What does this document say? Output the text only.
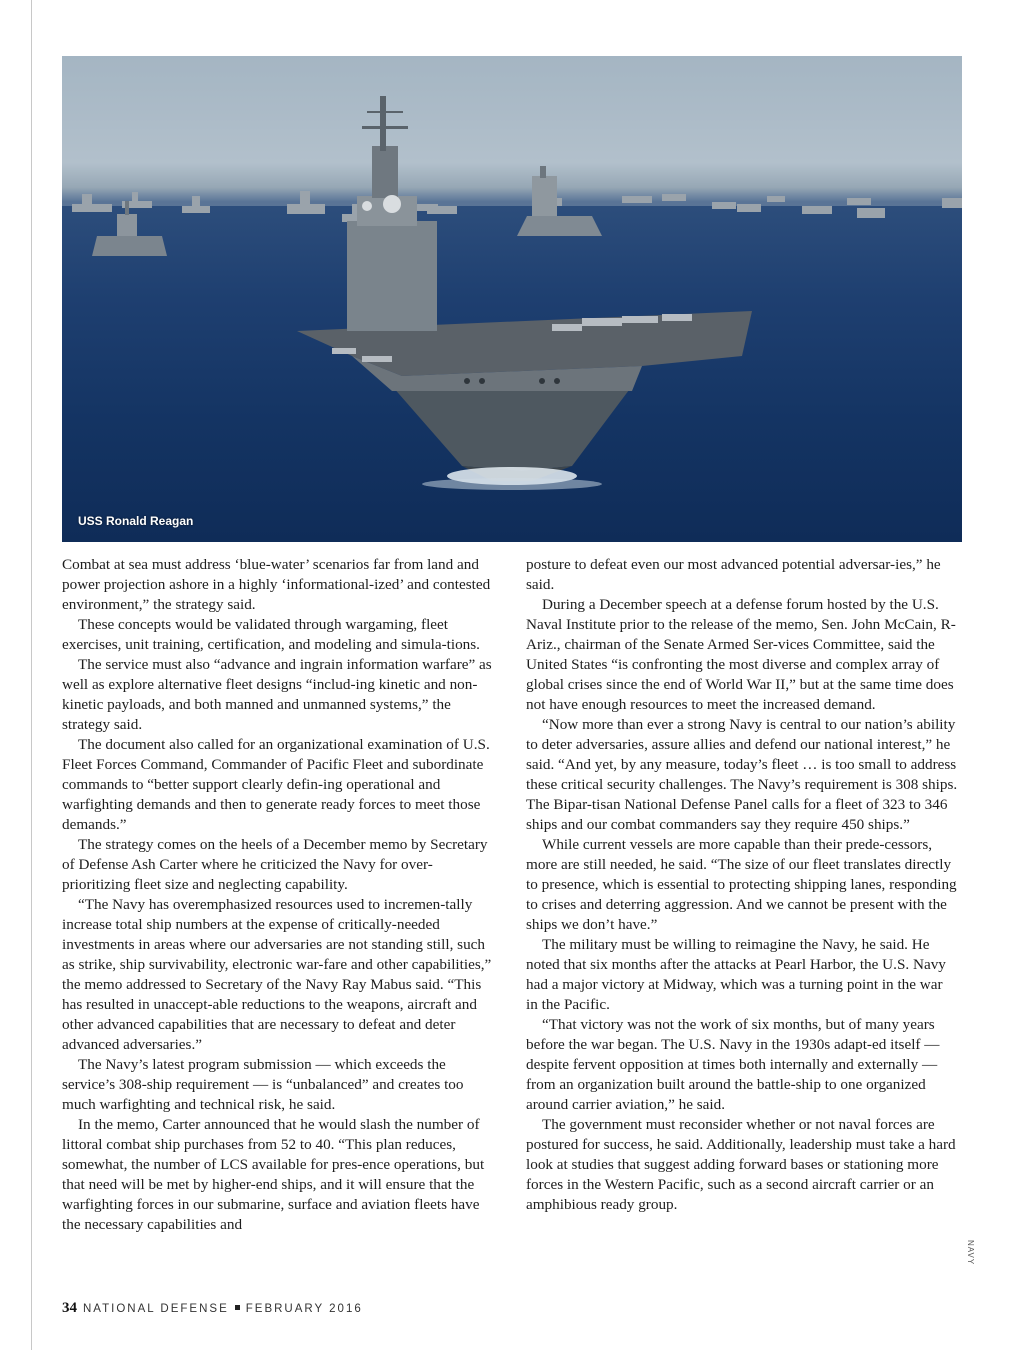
USS Ronald Reagan

Combat at sea must address ‘blue-water’ scenarios far from land and power projection ashore in a highly ‘informational-ized’ and contested environment,” the strategy said.

These concepts would be validated through wargaming, fleet exercises, unit training, certification, and modeling and simula-tions.

The service must also “advance and ingrain information warfare” as well as explore alternative fleet designs “includ-ing kinetic and non-kinetic payloads, and both manned and unmanned systems,” the strategy said.

The document also called for an organizational examination of U.S. Fleet Forces Command, Commander of Pacific Fleet and subordinate commands to “better support clearly defin-ing operational and warfighting demands and then to generate ready forces to meet those demands.”

The strategy comes on the heels of a December memo by Secretary of Defense Ash Carter where he criticized the Navy for over-prioritizing fleet size and neglecting capability.

“The Navy has overemphasized resources used to incremen-tally increase total ship numbers at the expense of critically-needed investments in areas where our adversaries are not standing still, such as strike, ship survivability, electronic war-fare and other capabilities,” the memo addressed to Secretary of the Navy Ray Mabus said. “This has resulted in unaccept-able reductions to the weapons, aircraft and other advanced capabilities that are necessary to defeat and deter advanced adversaries.”

The Navy’s latest program submission — which exceeds the service’s 308-ship requirement — is “unbalanced” and creates too much warfighting and technical risk, he said.

In the memo, Carter announced that he would slash the number of littoral combat ship purchases from 52 to 40. “This plan reduces, somewhat, the number of LCS available for pres-ence operations, but that need will be met by higher-end ships, and it will ensure that the warfighting forces in our submarine, surface and aviation fleets have the necessary capabilities and

posture to defeat even our most advanced potential adversar-ies,” he said.

During a December speech at a defense forum hosted by the U.S. Naval Institute prior to the release of the memo, Sen. John McCain, R-Ariz., chairman of the Senate Armed Ser-vices Committee, said the United States “is confronting the most diverse and complex array of global crises since the end of World War II,” but at the same time does not have enough resources to meet the increased demand.

“Now more than ever a strong Navy is central to our nation’s ability to deter adversaries, assure allies and defend our national interest,” he said. “And yet, by any measure, today’s fleet … is too small to address these critical security challenges. The Navy’s requirement is 308 ships. The Bipar-tisan National Defense Panel calls for a fleet of 323 to 346 ships and our combat commanders say they require 450 ships.”

While current vessels are more capable than their prede-cessors, more are still needed, he said. “The size of our fleet translates directly to presence, which is essential to protecting shipping lanes, responding to crises and deterring aggression. And we cannot be present with the ships we don’t have.”

The military must be willing to reimagine the Navy, he said. He noted that six months after the attacks at Pearl Harbor, the U.S. Navy had a major victory at Midway, which was a turning point in the war in the Pacific.

“That victory was not the work of six months, but of many years before the war began. The U.S. Navy in the 1930s adapt-ed itself — despite fervent opposition at times both internally and externally — from an organization built around the battle-ship to one organized around carrier aviation,” he said.

The government must reconsider whether or not naval forces are postured for success, he said. Additionally, leadership must take a hard look at studies that suggest adding forward bases or stationing more forces in the Western Pacific, such as a second aircraft carrier or an amphibious ready group.

NAVY
34 NATIONAL DEFENSE FEBRUARY 2016
